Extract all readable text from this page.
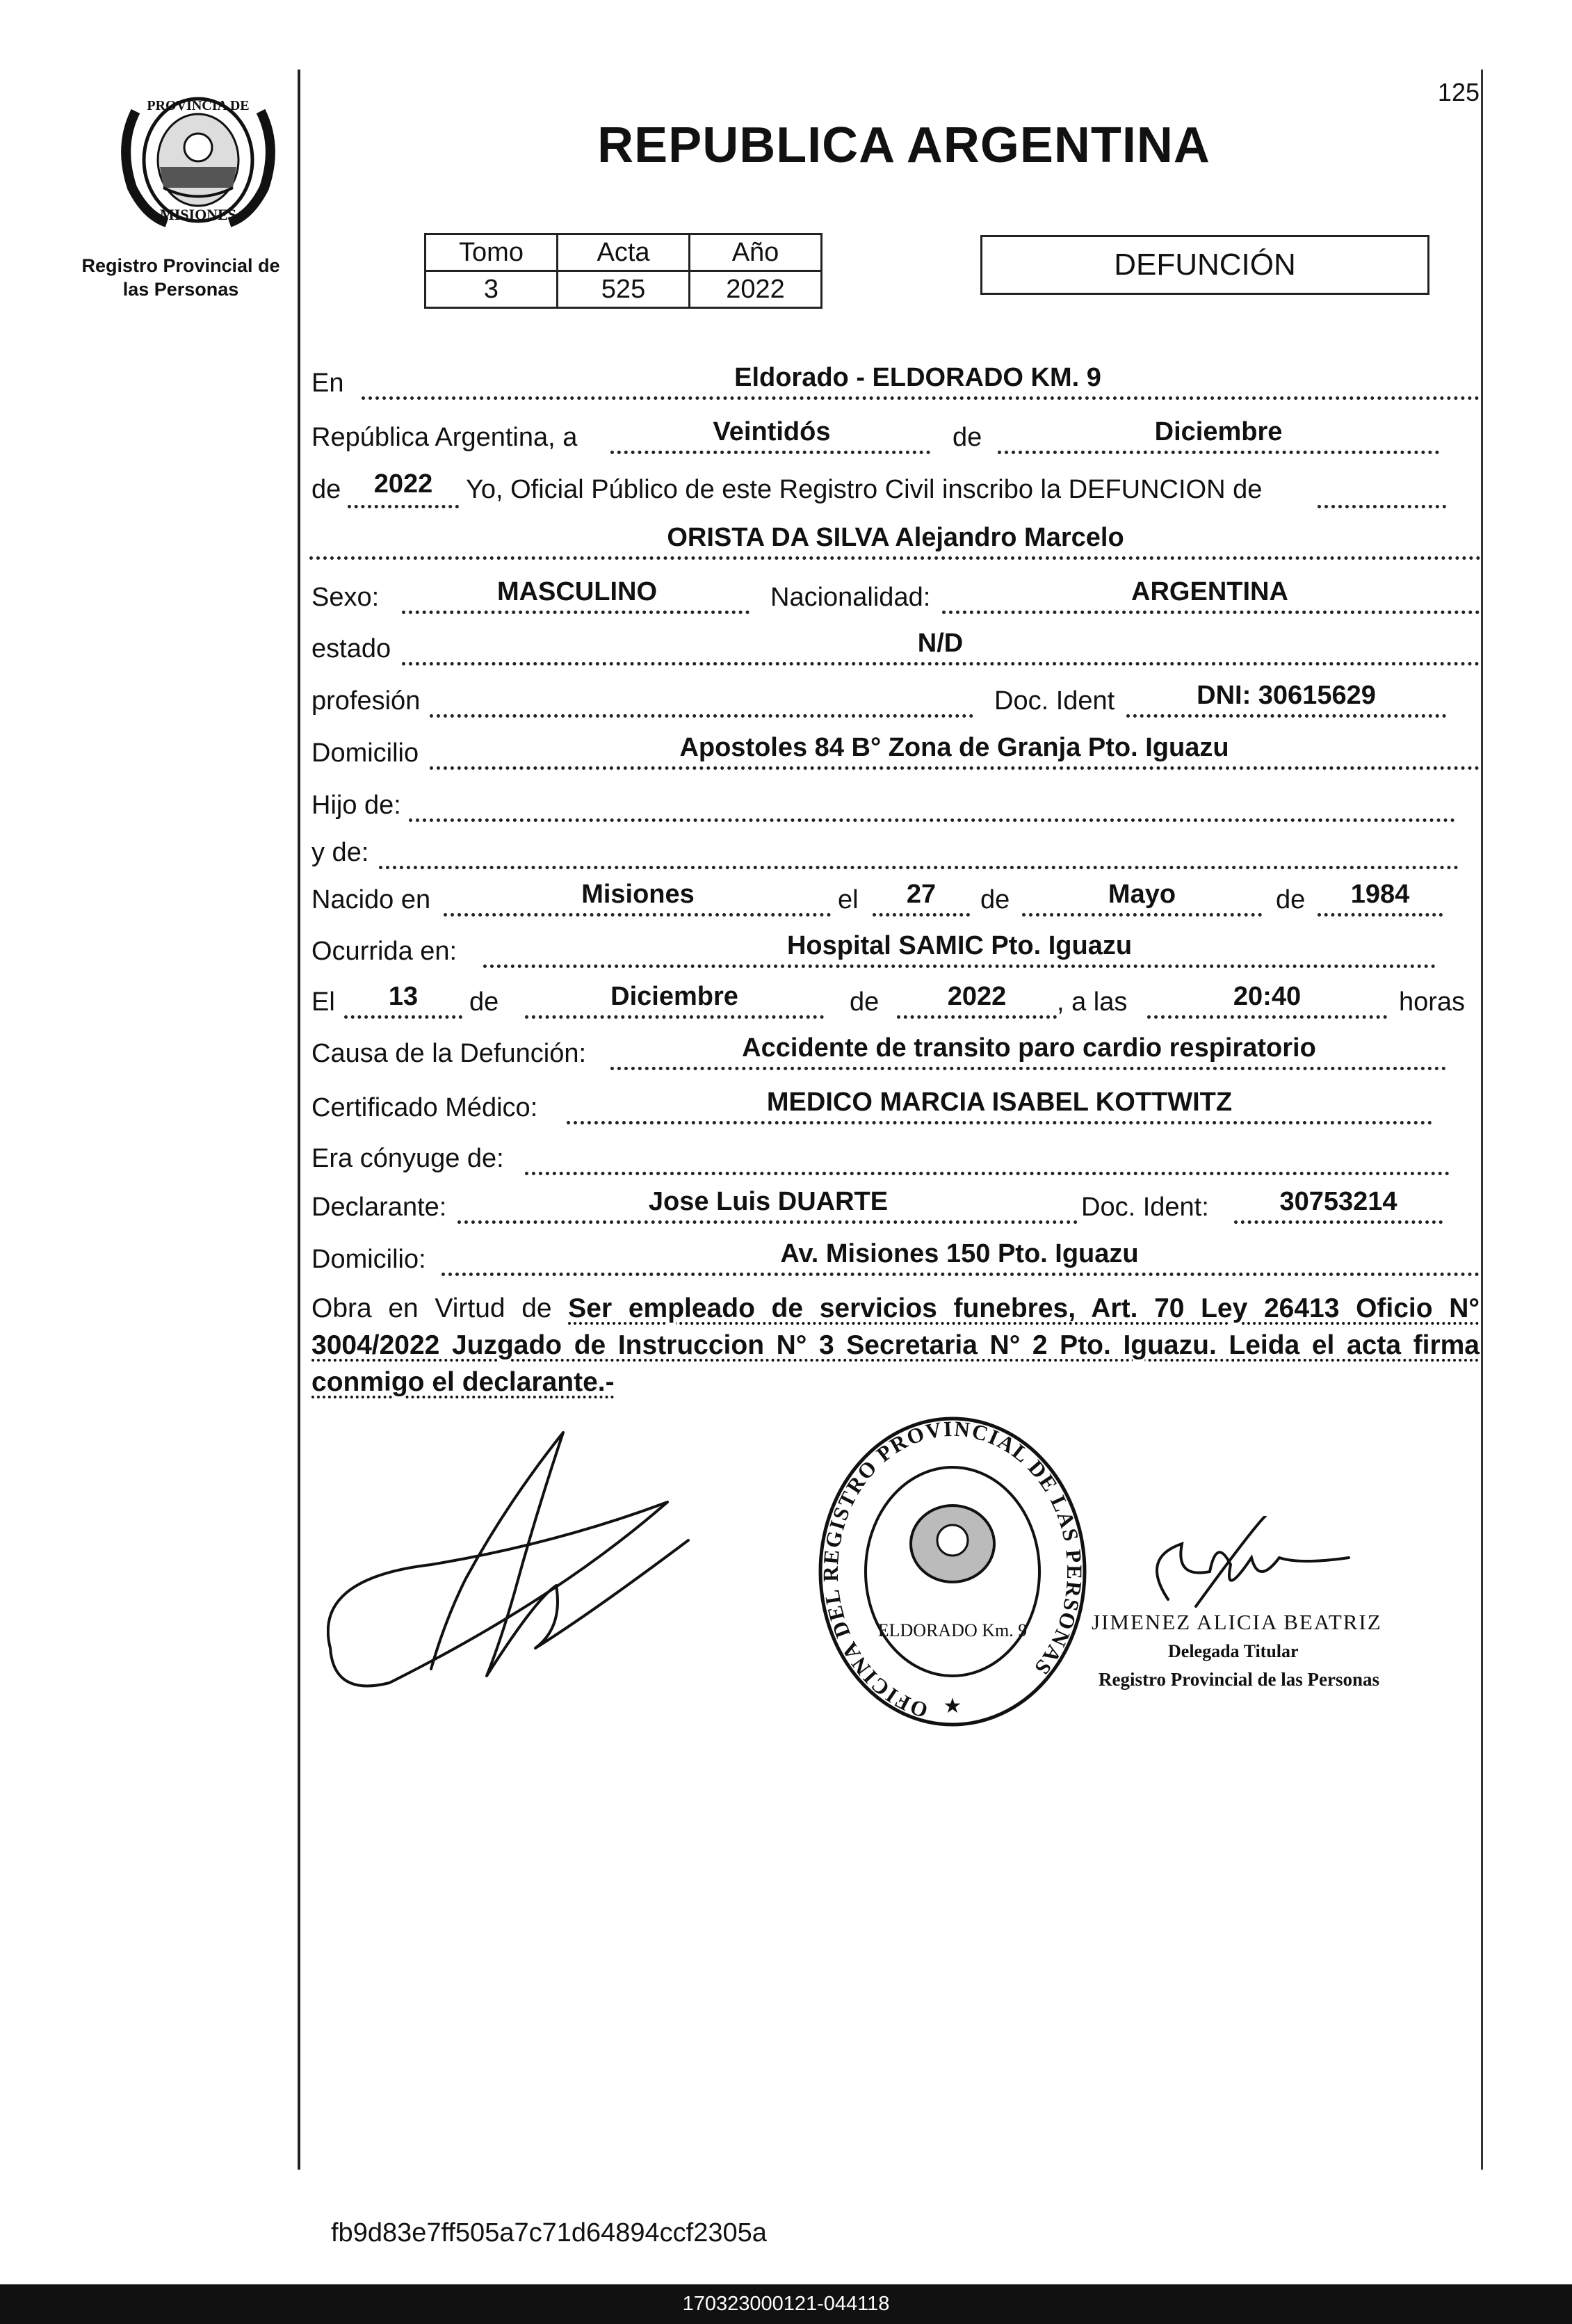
125
PROVINCIA DE
MISIONES
Registro Provincial de
las Personas
REPUBLICA ARGENTINA
Tomo	Acta	Año
3	525	2022
DEFUNCIÓN
En	Eldorado - ELDORADO KM. 9
República Argentina, a	Veintidós	de	Diciembre
de	2022	Yo, Oficial Público de este Registro Civil inscribo la DEFUNCION de
ORISTA DA SILVA Alejandro Marcelo
Sexo:	MASCULINO	Nacionalidad:	ARGENTINA
estado	N/D
profesión	Doc. Ident	DNI: 30615629
Domicilio	Apostoles 84 B° Zona de Granja Pto. Iguazu
Hijo de:
y de:
Nacido en	Misiones	el	27	de	Mayo	de	1984
Ocurrida en:	Hospital SAMIC Pto. Iguazu
El	13	de	Diciembre	de	2022	, a las	20:40	horas
Causa de la Defunción:	Accidente de transito paro cardio respiratorio
Certificado Médico:	MEDICO MARCIA ISABEL KOTTWITZ
Era cónyuge de:
Declarante:	Jose Luis DUARTE	Doc. Ident:	30753214
Domicilio:	Av. Misiones 150 Pto. Iguazu
Obra en Virtud de Ser empleado de servicios funebres, Art. 70 Ley 26413 Oficio N° 3004/2022 Juzgado de Instruccion N° 3 Secretaria N° 2 Pto. Iguazu. Leida el acta firma conmigo el declarante.-
OFICINA DEL REGISTRO PROVINCIAL DE LAS PERSONAS
ELDORADO Km. 9
★
JIMENEZ ALICIA BEATRIZ
Delegada Titular
Registro Provincial de las Personas
fb9d83e7ff505a7c71d64894ccf2305a
170323000121-044118
